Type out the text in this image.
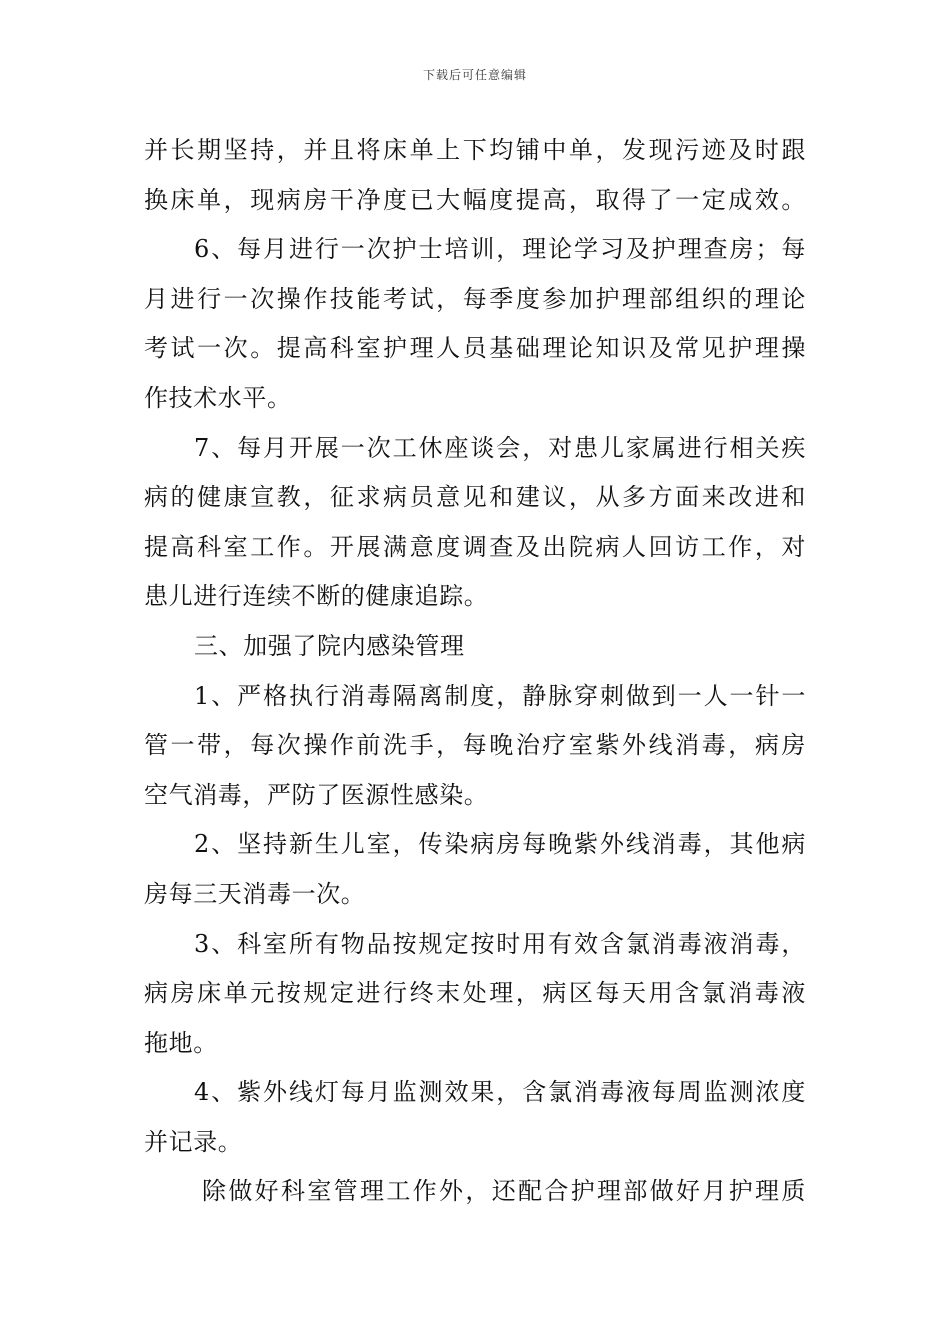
下载后可任意编辑
并长期坚持，并且将床单上下均铺中单，发现污迹及时跟
换床单，现病房干净度已大幅度提高，取得了一定成效。
6、每月进行一次护士培训，理论学习及护理查房；每
月进行一次操作技能考试，每季度参加护理部组织的理论
考试一次。提高科室护理人员基础理论知识及常见护理操
作技术水平。
7、每月开展一次工休座谈会，对患儿家属进行相关疾
病的健康宣教，征求病员意见和建议，从多方面来改进和
提高科室工作。开展满意度调查及出院病人回访工作，对
患儿进行连续不断的健康追踪。
三、加强了院内感染管理
1、严格执行消毒隔离制度，静脉穿刺做到一人一针一
管一带，每次操作前洗手，每晚治疗室紫外线消毒，病房
空气消毒，严防了医源性感染。
2、坚持新生儿室，传染病房每晚紫外线消毒，其他病
房每三天消毒一次。
3、科室所有物品按规定按时用有效含氯消毒液消毒，
病房床单元按规定进行终末处理，病区每天用含氯消毒液
拖地。
4、紫外线灯每月监测效果，含氯消毒液每周监测浓度
并记录。
除做好科室管理工作外，还配合护理部做好月护理质
